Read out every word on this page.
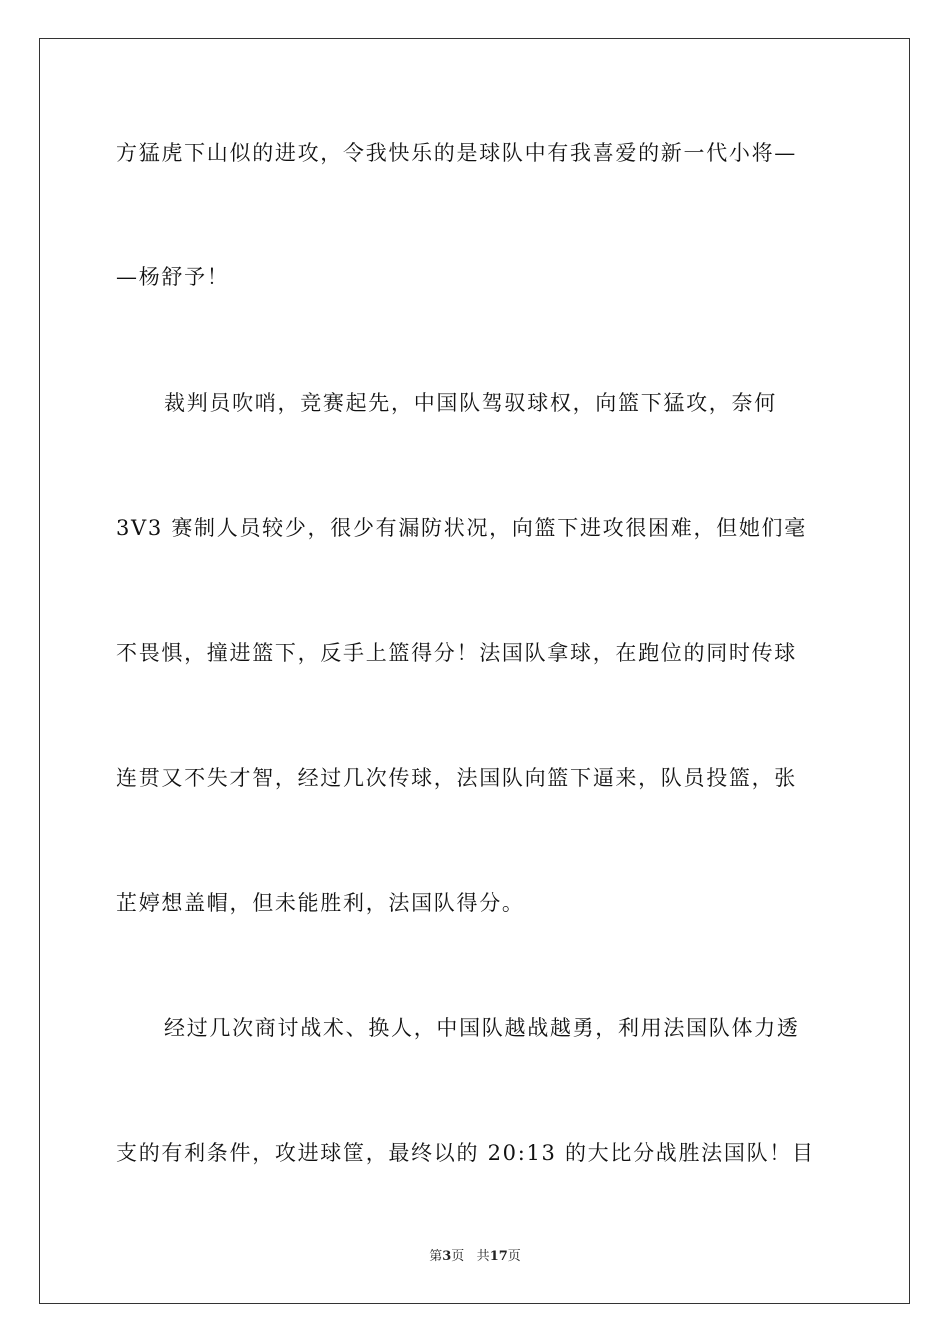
方猛虎下山似的进攻，令我快乐的是球队中有我喜爱的新一代小将—
—杨舒予！
裁判员吹哨，竞赛起先，中国队驾驭球权，向篮下猛攻，奈何
3V3 赛制人员较少，很少有漏防状况，向篮下进攻很困难，但她们毫
不畏惧，撞进篮下，反手上篮得分！法国队拿球，在跑位的同时传球
连贯又不失才智，经过几次传球，法国队向篮下逼来，队员投篮，张
芷婷想盖帽，但未能胜利，法国队得分。
经过几次商讨战术、换人，中国队越战越勇，利用法国队体力透
支的有利条件，攻进球筐，最终以的 20:13 的大比分战胜法国队！目
第3页 共17页
